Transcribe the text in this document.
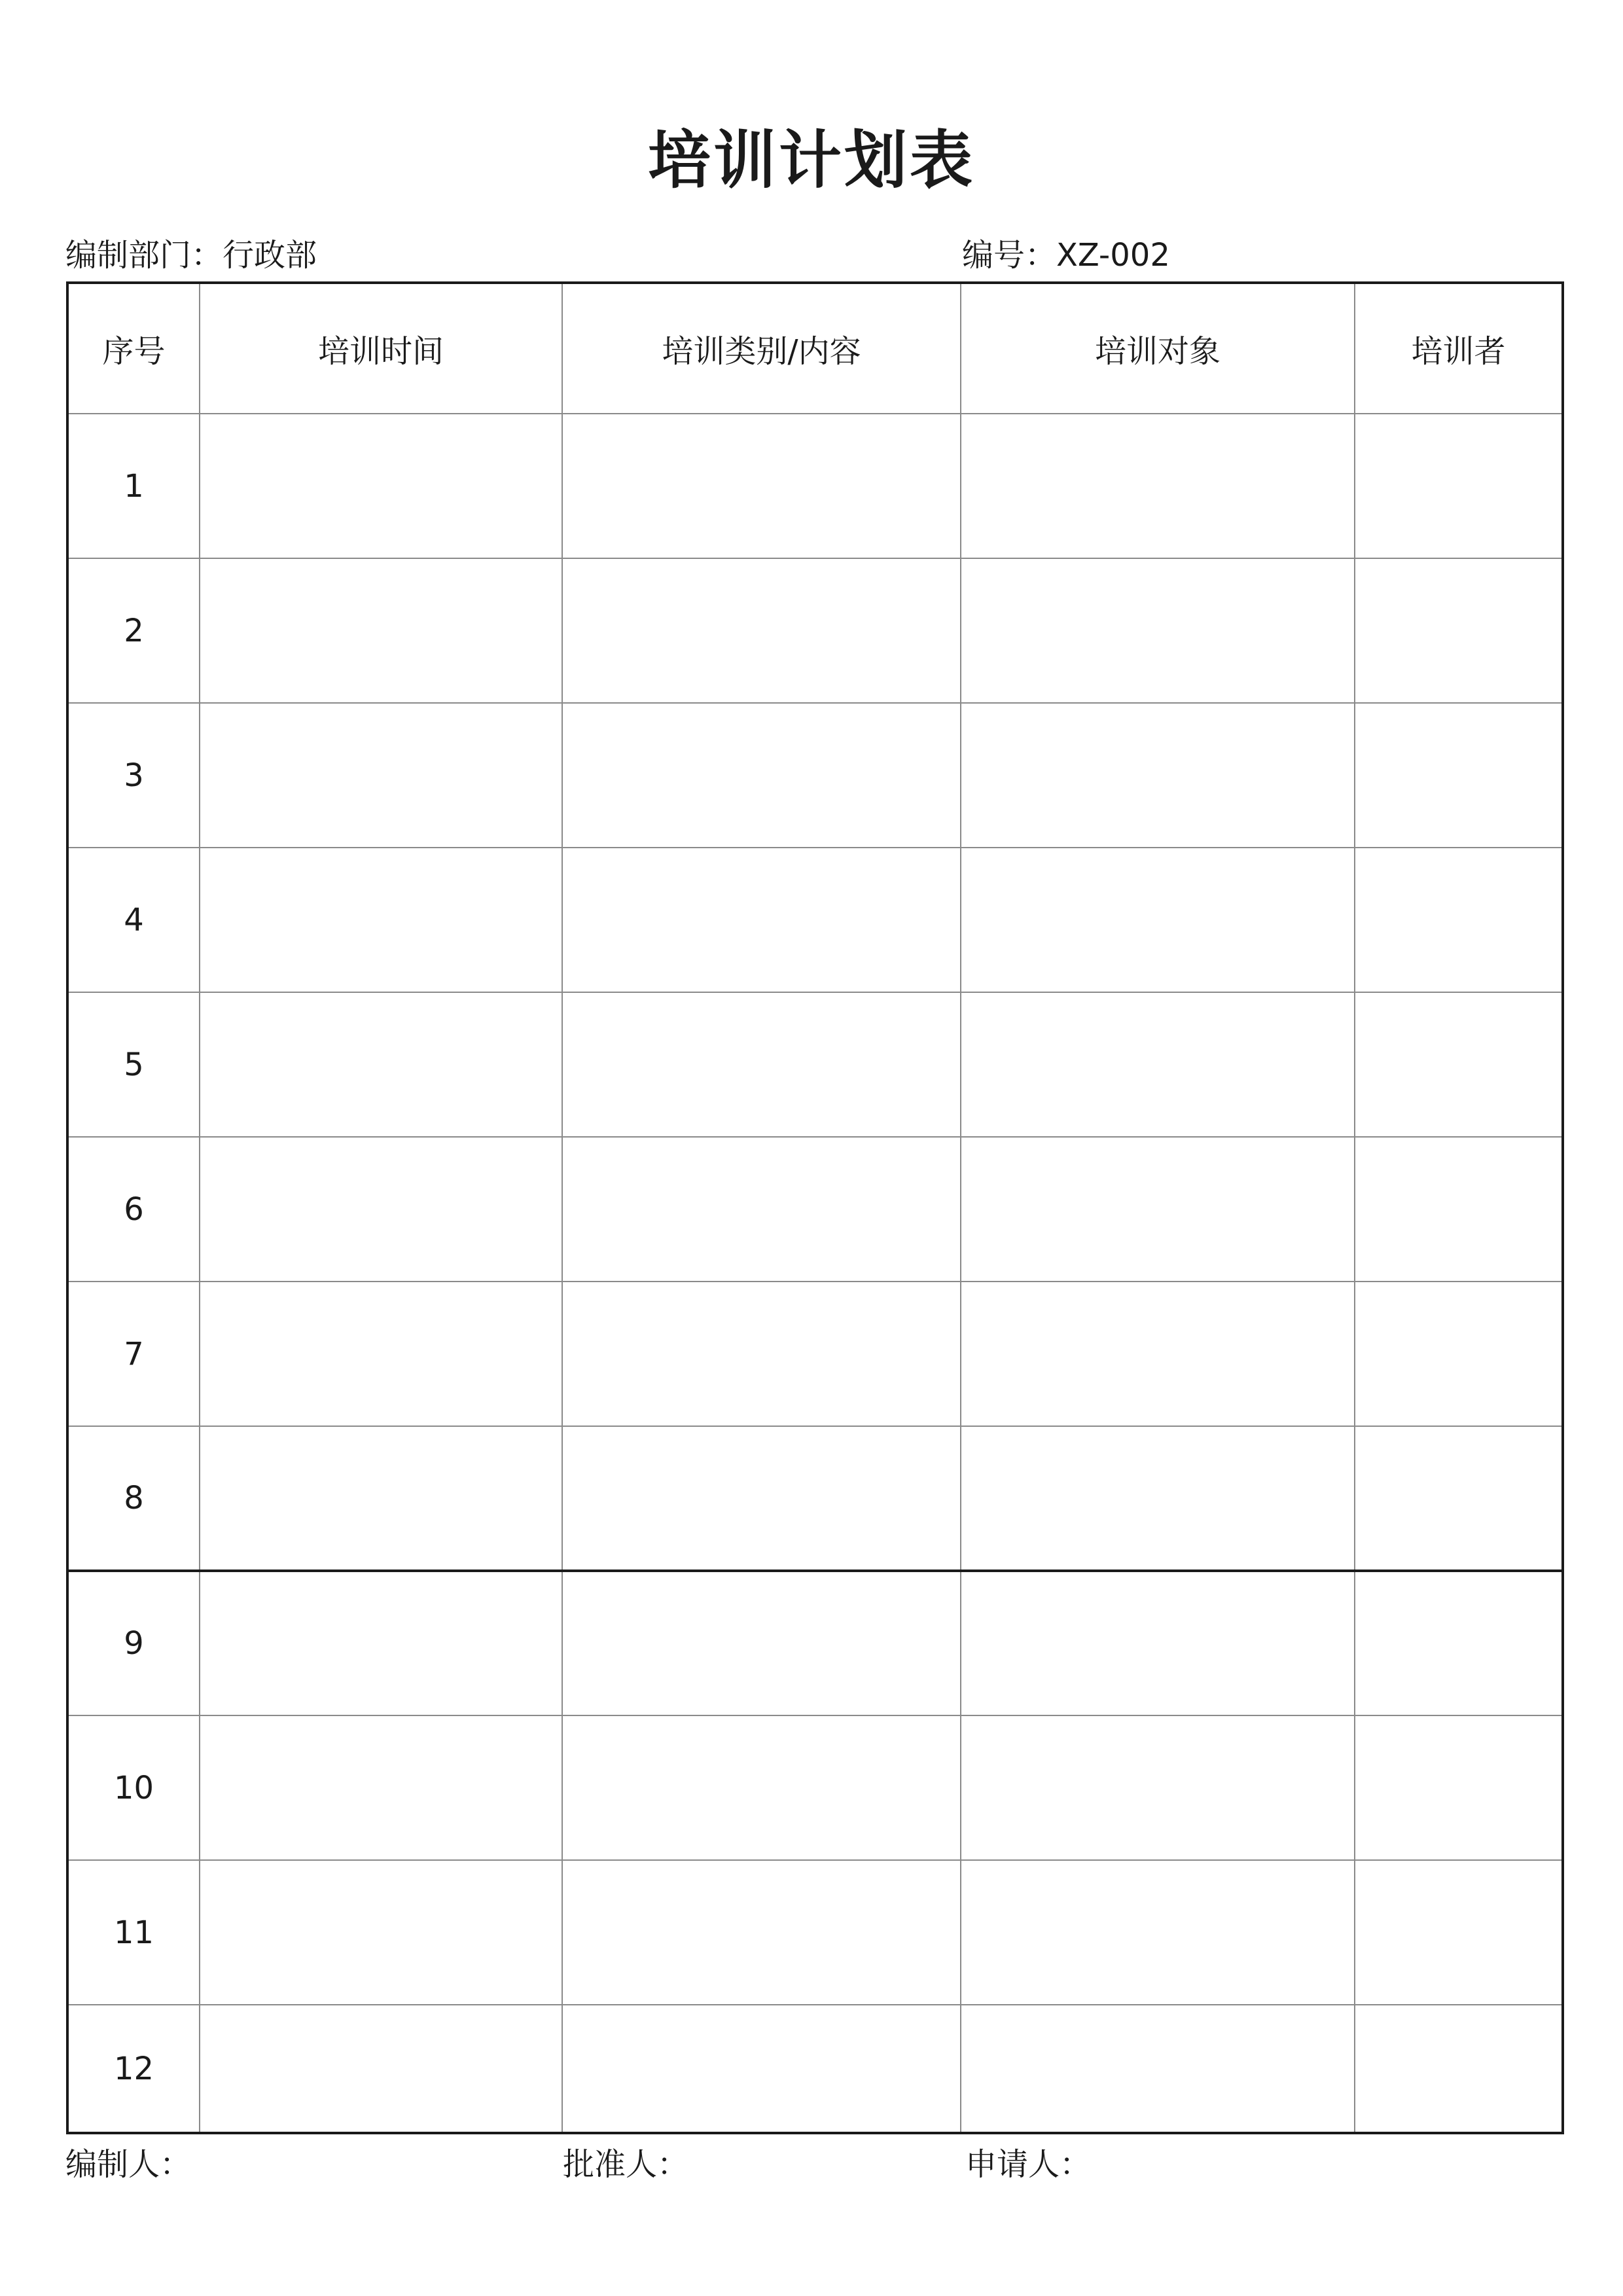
培训计划表
编制部门：行政部	编号：XZ-002
序号	培训时间	培训类别/内容	培训对象	培训者
1				
2				
3				
4				
5				
6				
7				
8				
9				
10				
11				
12				
编制人：	批准人：	申请人：
